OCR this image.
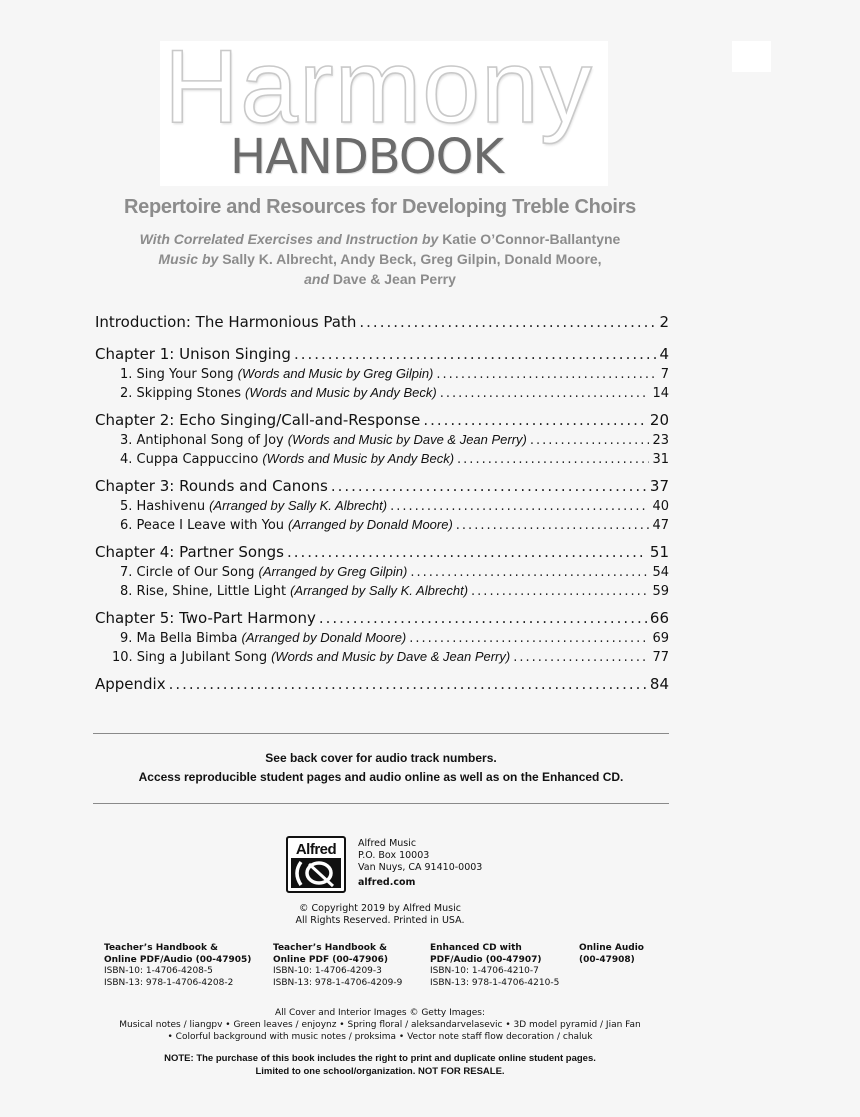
Harmony
HANDBOOK
Repertoire and Resources for Developing Treble Choirs
With Correlated Exercises and Instruction by Katie O’Connor-Ballantyne
Music by Sally K. Albrecht, Andy Beck, Greg Gilpin, Donald Moore,
and Dave & Jean Perry
Introduction: The Harmonious Path .....	2
Chapter 1: Unison Singing .....	4
1. Sing Your Song (Words and Music by Greg Gilpin) .....	7
2. Skipping Stones (Words and Music by Andy Beck) .....	14
Chapter 2: Echo Singing/Call-and-Response .....	20
3. Antiphonal Song of Joy (Words and Music by Dave & Jean Perry) .....	23
4. Cuppa Cappuccino (Words and Music by Andy Beck) .....	31
Chapter 3: Rounds and Canons .....	37
5. Hashivenu (Arranged by Sally K. Albrecht) .....	40
6. Peace I Leave with You (Arranged by Donald Moore) .....	47
Chapter 4: Partner Songs .....	51
7. Circle of Our Song (Arranged by Greg Gilpin) .....	54
8. Rise, Shine, Little Light (Arranged by Sally K. Albrecht) .....	59
Chapter 5: Two-Part Harmony .....	66
9. Ma Bella Bimba (Arranged by Donald Moore) .....	69
10. Sing a Jubilant Song (Words and Music by Dave & Jean Perry) .....	77
Appendix .....	84
See back cover for audio track numbers.
Access reproducible student pages and audio online as well as on the Enhanced CD.
Alfred	Alfred Music
P.O. Box 10003
Van Nuys, CA 91410-0003
alfred.com
© Copyright 2019 by Alfred Music
All Rights Reserved. Printed in USA.
Teacher’s Handbook &
Online PDF/Audio (00-47905)
ISBN-10: 1-4706-4208-5
ISBN-13: 978-1-4706-4208-2
Teacher’s Handbook &
Online PDF (00-47906)
ISBN-10: 1-4706-4209-3
ISBN-13: 978-1-4706-4209-9
Enhanced CD with
PDF/Audio (00-47907)
ISBN-10: 1-4706-4210-7
ISBN-13: 978-1-4706-4210-5
Online Audio
(00-47908)
All Cover and Interior Images © Getty Images:
Musical notes / liangpv • Green leaves / enjoynz • Spring floral / aleksandarvelasevic • 3D model pyramid / Jian Fan
• Colorful background with music notes / proksima • Vector note staff flow decoration / chaluk
NOTE: The purchase of this book includes the right to print and duplicate online student pages.
Limited to one school/organization. NOT FOR RESALE.
